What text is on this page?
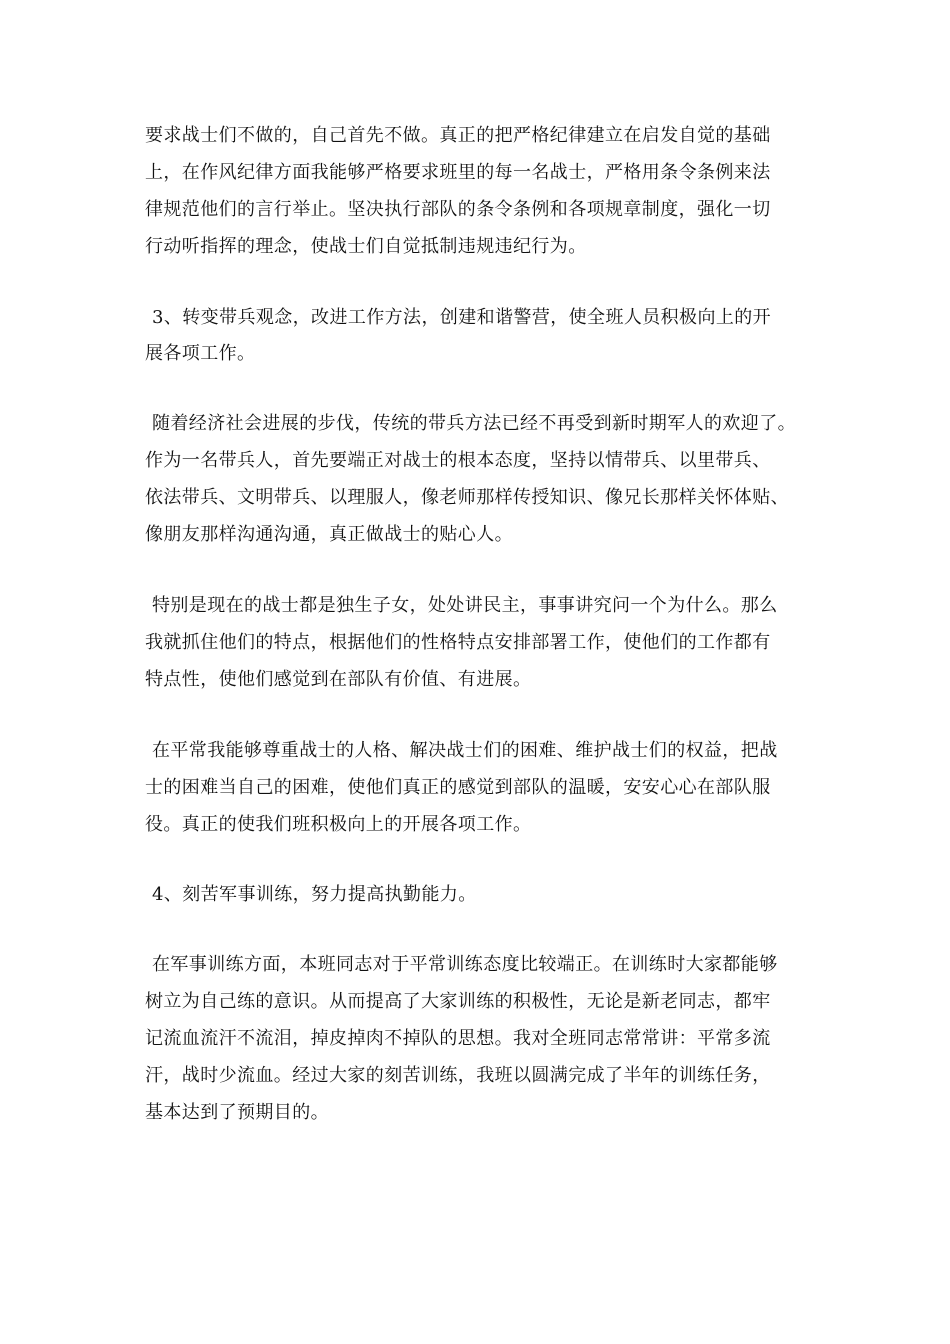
要求战士们不做的，自己首先不做。真正的把严格纪律建立在启发自觉的基础
上，在作风纪律方面我能够严格要求班里的每一名战士，严格用条令条例来法
律规范他们的言行举止。坚决执行部队的条令条例和各项规章制度，强化一切
行动听指挥的理念，使战士们自觉抵制违规违纪行为。
3、转变带兵观念，改进工作方法，创建和谐警营，使全班人员积极向上的开
展各项工作。
随着经济社会进展的步伐，传统的带兵方法已经不再受到新时期军人的欢迎了。
作为一名带兵人，首先要端正对战士的根本态度，坚持以情带兵、以里带兵、
依法带兵、文明带兵、以理服人，像老师那样传授知识、像兄长那样关怀体贴、
像朋友那样沟通沟通，真正做战士的贴心人。
特别是现在的战士都是独生子女，处处讲民主，事事讲究问一个为什么。那么
我就抓住他们的特点，根据他们的性格特点安排部署工作，使他们的工作都有
特点性，使他们感觉到在部队有价值、有进展。
在平常我能够尊重战士的人格、解决战士们的困难、维护战士们的权益，把战
士的困难当自己的困难，使他们真正的感觉到部队的温暖，安安心心在部队服
役。真正的使我们班积极向上的开展各项工作。
4、刻苦军事训练，努力提高执勤能力。
在军事训练方面，本班同志对于平常训练态度比较端正。在训练时大家都能够
树立为自己练的意识。从而提高了大家训练的积极性，无论是新老同志，都牢
记流血流汗不流泪，掉皮掉肉不掉队的思想。我对全班同志常常讲：平常多流
汗，战时少流血。经过大家的刻苦训练，我班以圆满完成了半年的训练任务，
基本达到了预期目的。
